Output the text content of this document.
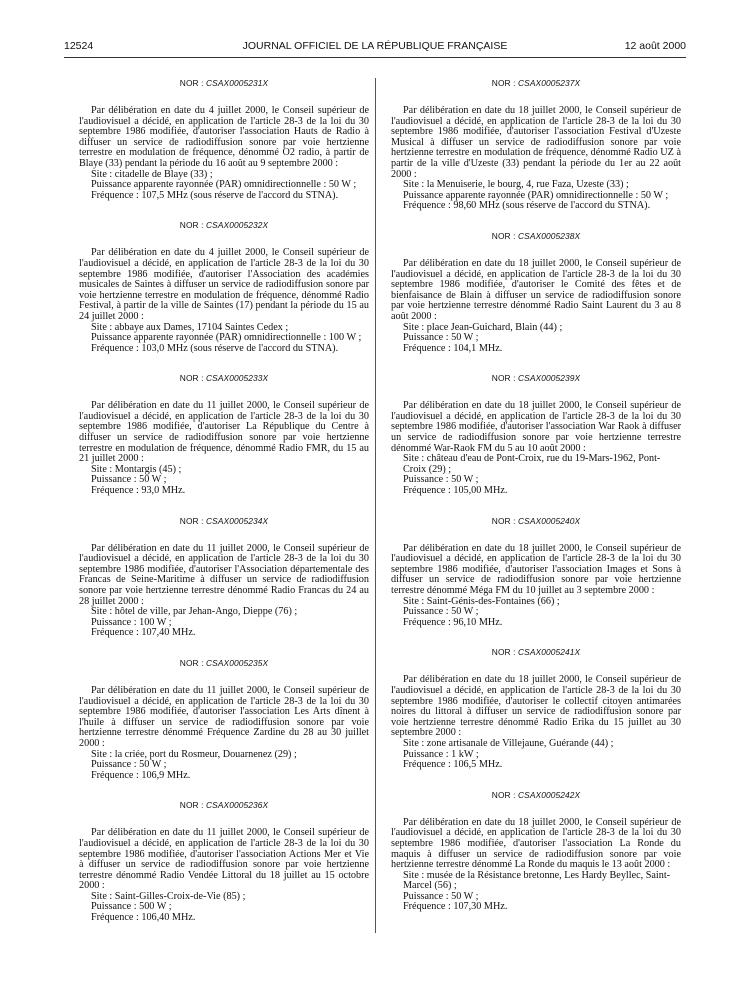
12524	JOURNAL OFFICIEL DE LA RÉPUBLIQUE FRANÇAISE	12 août 2000
NOR : CSAX0005231X

Par délibération en date du 4 juillet 2000, le Conseil supérieur de l'audiovisuel a décidé, en application de l'article 28-3 de la loi du 30 septembre 1986 modifiée, d'autoriser l'association Hauts de Radio à diffuser un service de radiodiffusion sonore par voie hertzienne terrestre en modulation de fréquence, dénommé O2 radio, à partir de Blaye (33) pendant la période du 16 août au 9 septembre 2000 :

Site : citadelle de Blaye (33) ;
Puissance apparente rayonnée (PAR) omnidirectionnelle : 50 W ;
Fréquence : 107,5 MHz (sous réserve de l'accord du STNA).
NOR : CSAX0005232X

Par délibération en date du 4 juillet 2000, le Conseil supérieur de l'audiovisuel a décidé, en application de l'article 28-3 de la loi du 30 septembre 1986 modifiée, d'autoriser l'Association des académies musicales de Saintes à diffuser un service de radiodiffusion sonore par voie hertzienne terrestre en modulation de fréquence, dénommé Radio Festival, à partir de la ville de Saintes (17) pendant la période du 15 au 24 juillet 2000 :

Site : abbaye aux Dames, 17104 Saintes Cedex ;
Puissance apparente rayonnée (PAR) omnidirectionnelle : 100 W ;
Fréquence : 103,0 MHz (sous réserve de l'accord du STNA).
NOR : CSAX0005233X

Par délibération en date du 11 juillet 2000, le Conseil supérieur de l'audiovisuel a décidé, en application de l'article 28-3 de la loi du 30 septembre 1986 modifiée, d'autoriser La République du Centre à diffuser un service de radiodiffusion sonore par voie hertzienne terrestre en modulation de fréquence, dénommé Radio FMR, du 15 au 21 juillet 2000 :

Site : Montargis (45) ;
Puissance : 50 W ;
Fréquence : 93,0 MHz.
NOR : CSAX0005234X

Par délibération en date du 11 juillet 2000, le Conseil supérieur de l'audiovisuel a décidé, en application de l'article 28-3 de la loi du 30 septembre 1986 modifiée, d'autoriser l'Association départementale des Francas de Seine-Maritime à diffuser un service de radiodiffusion sonore par voie hertzienne terrestre dénommé Radio Francas du 24 au 28 juillet 2000 :

Site : hôtel de ville, par Jehan-Ango, Dieppe (76) ;
Puissance : 100 W ;
Fréquence : 107,40 MHz.
NOR : CSAX0005235X

Par délibération en date du 11 juillet 2000, le Conseil supérieur de l'audiovisuel a décidé, en application de l'article 28-3 de la loi du 30 septembre 1986 modifiée, d'autoriser l'association Les Arts dînent à l'huile à diffuser un service de radiodiffusion sonore par voie hertzienne terrestre dénommé Fréquence Zardine du 28 au 30 juillet 2000 :

Site : la criée, port du Rosmeur, Douarnenez (29) ;
Puissance : 50 W ;
Fréquence : 106,9 MHz.
NOR : CSAX0005236X

Par délibération en date du 11 juillet 2000, le Conseil supérieur de l'audiovisuel a décidé, en application de l'article 28-3 de la loi du 30 septembre 1986 modifiée, d'autoriser l'association Actions Mer et Vie à diffuser un service de radiodiffusion sonore par voie hertzienne terrestre dénommé Radio Vendée Littoral du 18 juillet au 15 octobre 2000 :

Site : Saint-Gilles-Croix-de-Vie (85) ;
Puissance : 500 W ;
Fréquence : 106,40 MHz.
NOR : CSAX0005237X

Par délibération en date du 18 juillet 2000, le Conseil supérieur de l'audiovisuel a décidé, en application de l'article 28-3 de la loi du 30 septembre 1986 modifiée, d'autoriser l'association Festival d'Uzeste Musical à diffuser un service de radiodiffusion sonore par voie hertzienne terrestre en modulation de fréquence, dénommé Radio UZ à partir de la ville d'Uzeste (33) pendant la période du 1er au 22 août 2000 :

Site : la Menuiserie, le bourg, 4, rue Faza, Uzeste (33) ;
Puissance apparente rayonnée (PAR) omnidirectionnelle : 50 W ;
Fréquence : 98,60 MHz (sous réserve de l'accord du STNA).
NOR : CSAX0005238X

Par délibération en date du 18 juillet 2000, le Conseil supérieur de l'audiovisuel a décidé, en application de l'article 28-3 de la loi du 30 septembre 1986 modifiée, d'autoriser le Comité des fêtes et de bienfaisance de Blain à diffuser un service de radiodiffusion sonore par voie hertzienne terrestre dénommé Radio Saint Laurent du 3 au 8 août 2000 :

Site : place Jean-Guichard, Blain (44) ;
Puissance : 50 W ;
Fréquence : 104,1 MHz.
NOR : CSAX0005239X

Par délibération en date du 18 juillet 2000, le Conseil supérieur de l'audiovisuel a décidé, en application de l'article 28-3 de la loi du 30 septembre 1986 modifiée, d'autoriser l'association War Raok à diffuser un service de radiodiffusion sonore par voie hertzienne terrestre dénommé War-Raok FM du 5 au 10 août 2000 :

Site : château d'eau de Pont-Croix, rue du 19-Mars-1962, Pont-Croix (29) ;
Puissance : 50 W ;
Fréquence : 105,00 MHz.
NOR : CSAX0005240X

Par délibération en date du 18 juillet 2000, le Conseil supérieur de l'audiovisuel a décidé, en application de l'article 28-3 de la loi du 30 septembre 1986 modifiée, d'autoriser l'association Images et Sons à diffuser un service de radiodiffusion sonore par voie hertzienne terrestre dénommé Méga FM du 10 juillet au 3 septembre 2000 :

Site : Saint-Génis-des-Fontaines (66) ;
Puissance : 50 W ;
Fréquence : 96,10 MHz.
NOR : CSAX0005241X

Par délibération en date du 18 juillet 2000, le Conseil supérieur de l'audiovisuel a décidé, en application de l'article 28-3 de la loi du 30 septembre 1986 modifiée, d'autoriser le collectif citoyen antimarées noires du littoral à diffuser un service de radiodiffusion sonore par voie hertzienne terrestre dénommé Radio Erika du 15 juillet au 30 septembre 2000 :

Site : zone artisanale de Villejaune, Guérande (44) ;
Puissance : 1 kW ;
Fréquence : 106,5 MHz.
NOR : CSAX0005242X

Par délibération en date du 18 juillet 2000, le Conseil supérieur de l'audiovisuel a décidé, en application de l'article 28-3 de la loi du 30 septembre 1986 modifiée, d'autoriser l'association La Ronde du maquis à diffuser un service de radiodiffusion sonore par voie hertzienne terrestre dénommé La Ronde du maquis le 13 août 2000 :

Site : musée de la Résistance bretonne, Les Hardy Beyllec, Saint-Marcel (56) ;
Puissance : 50 W ;
Fréquence : 107,30 MHz.
